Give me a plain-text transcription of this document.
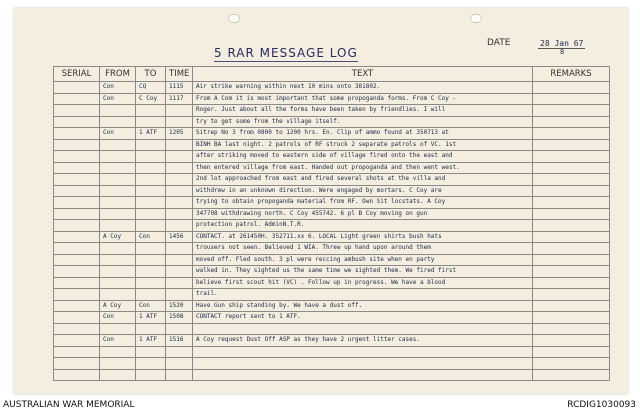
5 RAR MESSAGE LOG
DATE	28 Jan 67
8
SERIAL	FROM	TO	TIME	TEXT	REMARKS
	Con	CQ	1115	Air strike warning within next 10 mins onto 381802.	
	Con	C Coy	1117	From A Com it is most important that some propoganda forms. From C Coy -	
				Roger. Just about all the forms have been taken by friendlies. I will	
				try to get some from the village itself.	
	Con	1 ATF	1205	Sitrep No 3 from 0800 to 1200 hrs. En. Clip of ammo found at 350713 at	
				BINH BA last night. 2 patrols of RF struck 2 separate patrols of VC. 1st	
				after striking moved to eastern side of village fired onto the east and	
				then entered village from east. Handed out propoganda and then went west.	
				2nd lot approached from east and fired several shots at the villa and	
				withdrew in an unknown direction. Were engaged by mortars. C Coy are	
				trying to obtain propoganda material from RF. Own Sit locstats. A Coy	
				347708 withdrawing north. C Coy 455742. 6 pl B Coy moving on gun	
				protection patrol. AdminN.T.R.	
	A Coy	Con	1456	CONTACT. at 261450H. 352711.xx 6. LOCAL Light green shirts bush hats	
				trousers not seen. Believed 1 WIA. Threw up hand upon around them	
				moved off. Fled south. 3 pl were reccing ambush site when en party	
				walked in. They sighted us the same time we sighted them. We fired first	
				believe first scout hit (VC) . Follow up in progress. We have a blood	
				trail.	
	A Coy	Con	1520	Have Gun ship standing by. We have a dust off.	
	Con	1 ATF	1508	CONTACT report sent to 1 ATF.	

	Con	1 ATF	1516	A Coy request Dust Off ASP as they have 2 urgent litter cases.	

AUSTRALIAN WAR MEMORIAL	RCDIG1030093
